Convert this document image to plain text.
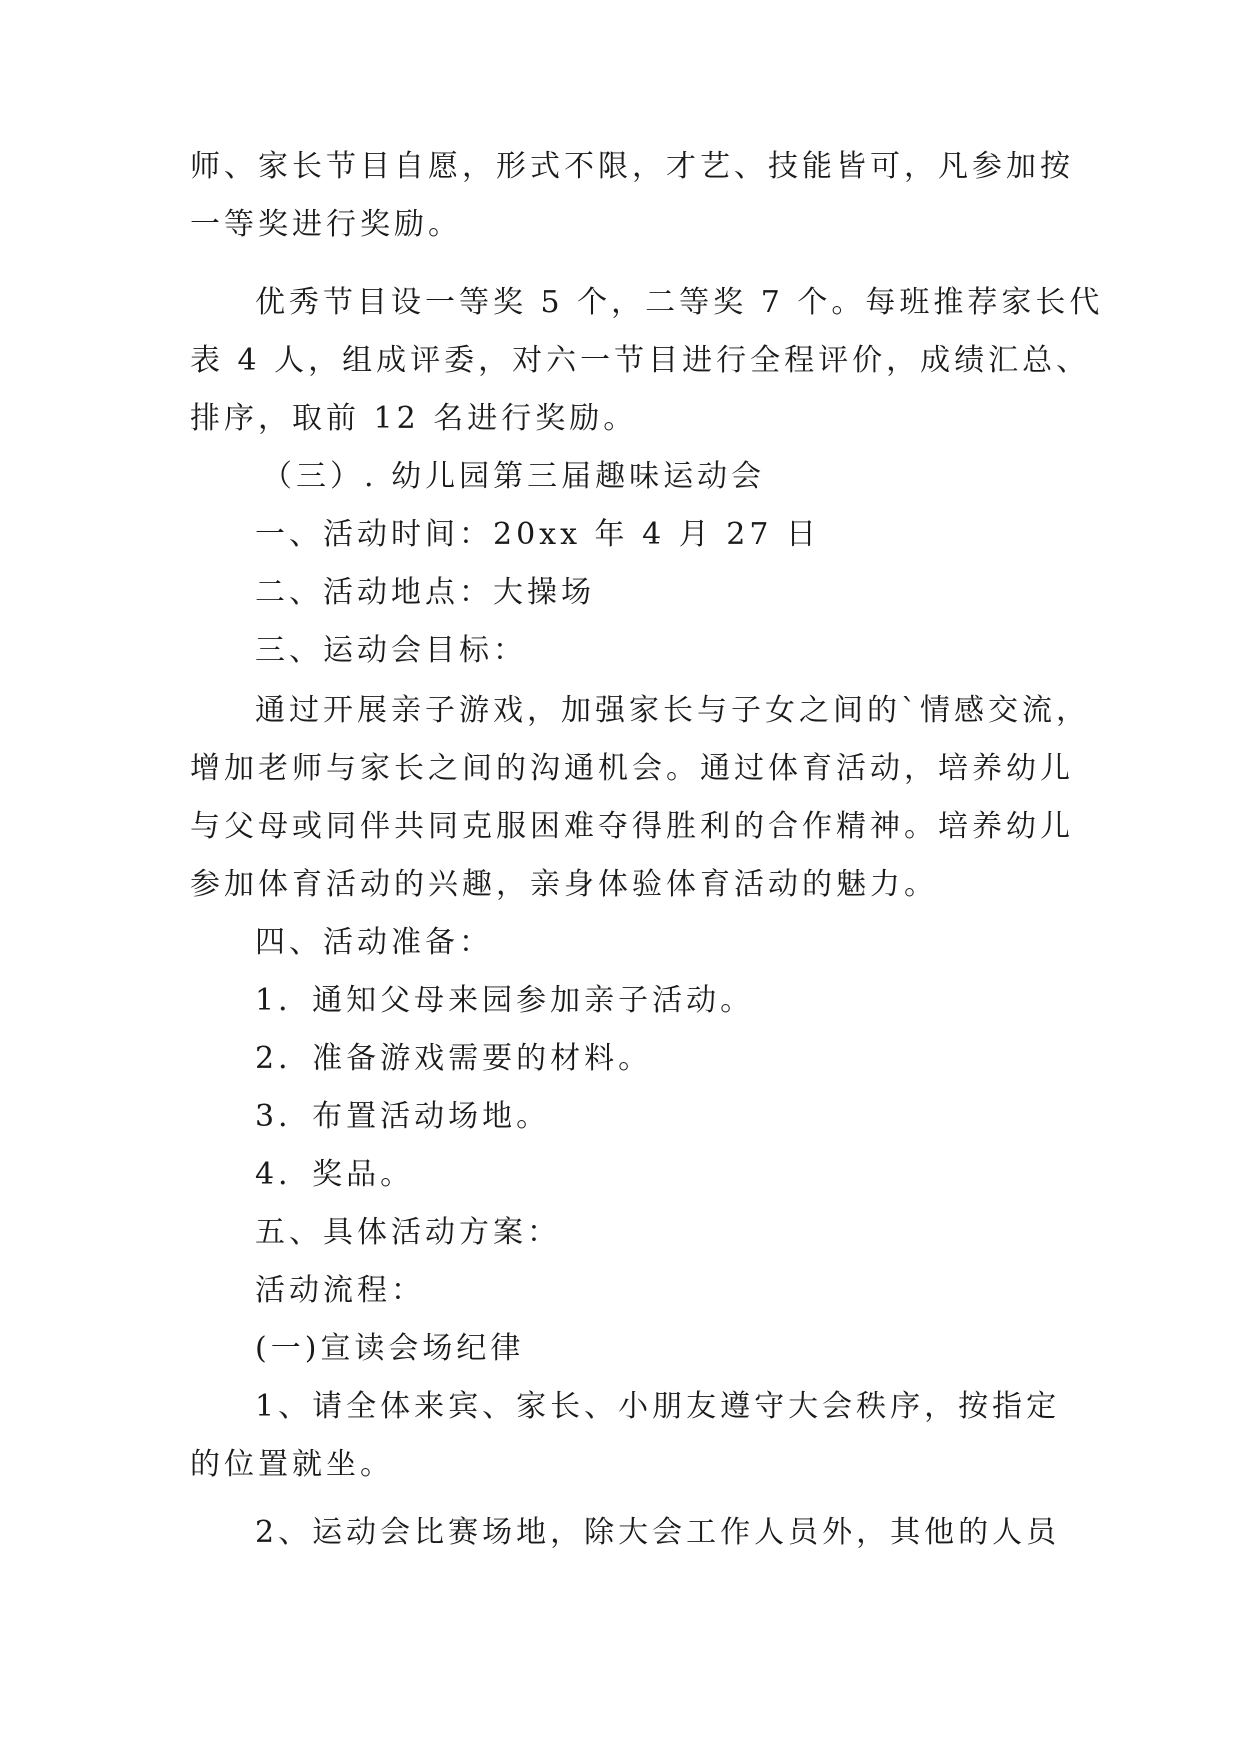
师、家长节目自愿，形式不限，才艺、技能皆可，凡参加按
一等奖进行奖励。
优秀节目设一等奖 5 个，二等奖 7 个。每班推荐家长代
表 4 人，组成评委，对六一节目进行全程评价，成绩汇总、
排序，取前 12 名进行奖励。
（三）. 幼儿园第三届趣味运动会
一、活动时间：20xx 年 4 月 27 日
二、活动地点：大操场
三、运动会目标：
通过开展亲子游戏，加强家长与子女之间的`情感交流，
增加老师与家长之间的沟通机会。通过体育活动，培养幼儿
与父母或同伴共同克服困难夺得胜利的合作精神。培养幼儿
参加体育活动的兴趣，亲身体验体育活动的魅力。
四、活动准备：
1．通知父母来园参加亲子活动。
2．准备游戏需要的材料。
3．布置活动场地。
4．奖品。
五、具体活动方案：
活动流程：
(一)宣读会场纪律
1、请全体来宾、家长、小朋友遵守大会秩序，按指定
的位置就坐。
2、运动会比赛场地，除大会工作人员外，其他的人员
